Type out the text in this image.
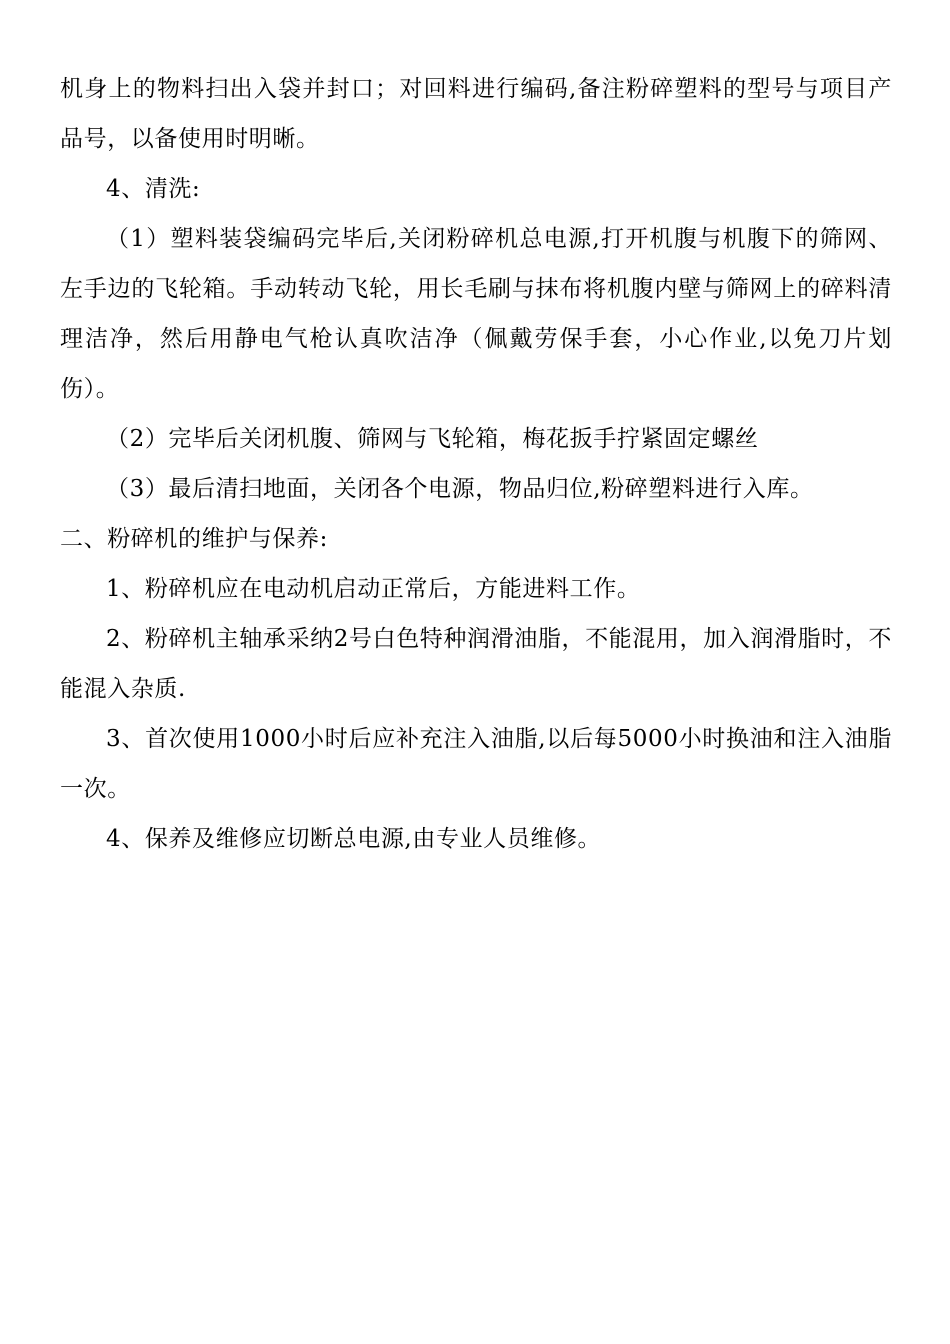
机身上的物料扫出入袋并封口；对回料进行编码,备注粉碎塑料的型号与项目产品号，以备使用时明晰。

4、清洗:

（1）塑料装袋编码完毕后,关闭粉碎机总电源,打开机腹与机腹下的筛网、左手边的飞轮箱。手动转动飞轮，用长毛刷与抹布将机腹内壁与筛网上的碎料清理洁净，然后用静电气枪认真吹洁净（佩戴劳保手套，小心作业,以免刀片划伤）。

（2）完毕后关闭机腹、筛网与飞轮箱，梅花扳手拧紧固定螺丝

（3）最后清扫地面，关闭各个电源，物品归位,粉碎塑料进行入库。

二、粉碎机的维护与保养:

1、粉碎机应在电动机启动正常后，方能进料工作。

2、粉碎机主轴承采纳2号白色特种润滑油脂，不能混用，加入润滑脂时，不能混入杂质.

3、首次使用1000小时后应补充注入油脂,以后每5000小时换油和注入油脂一次。

4、保养及维修应切断总电源,由专业人员维修。
